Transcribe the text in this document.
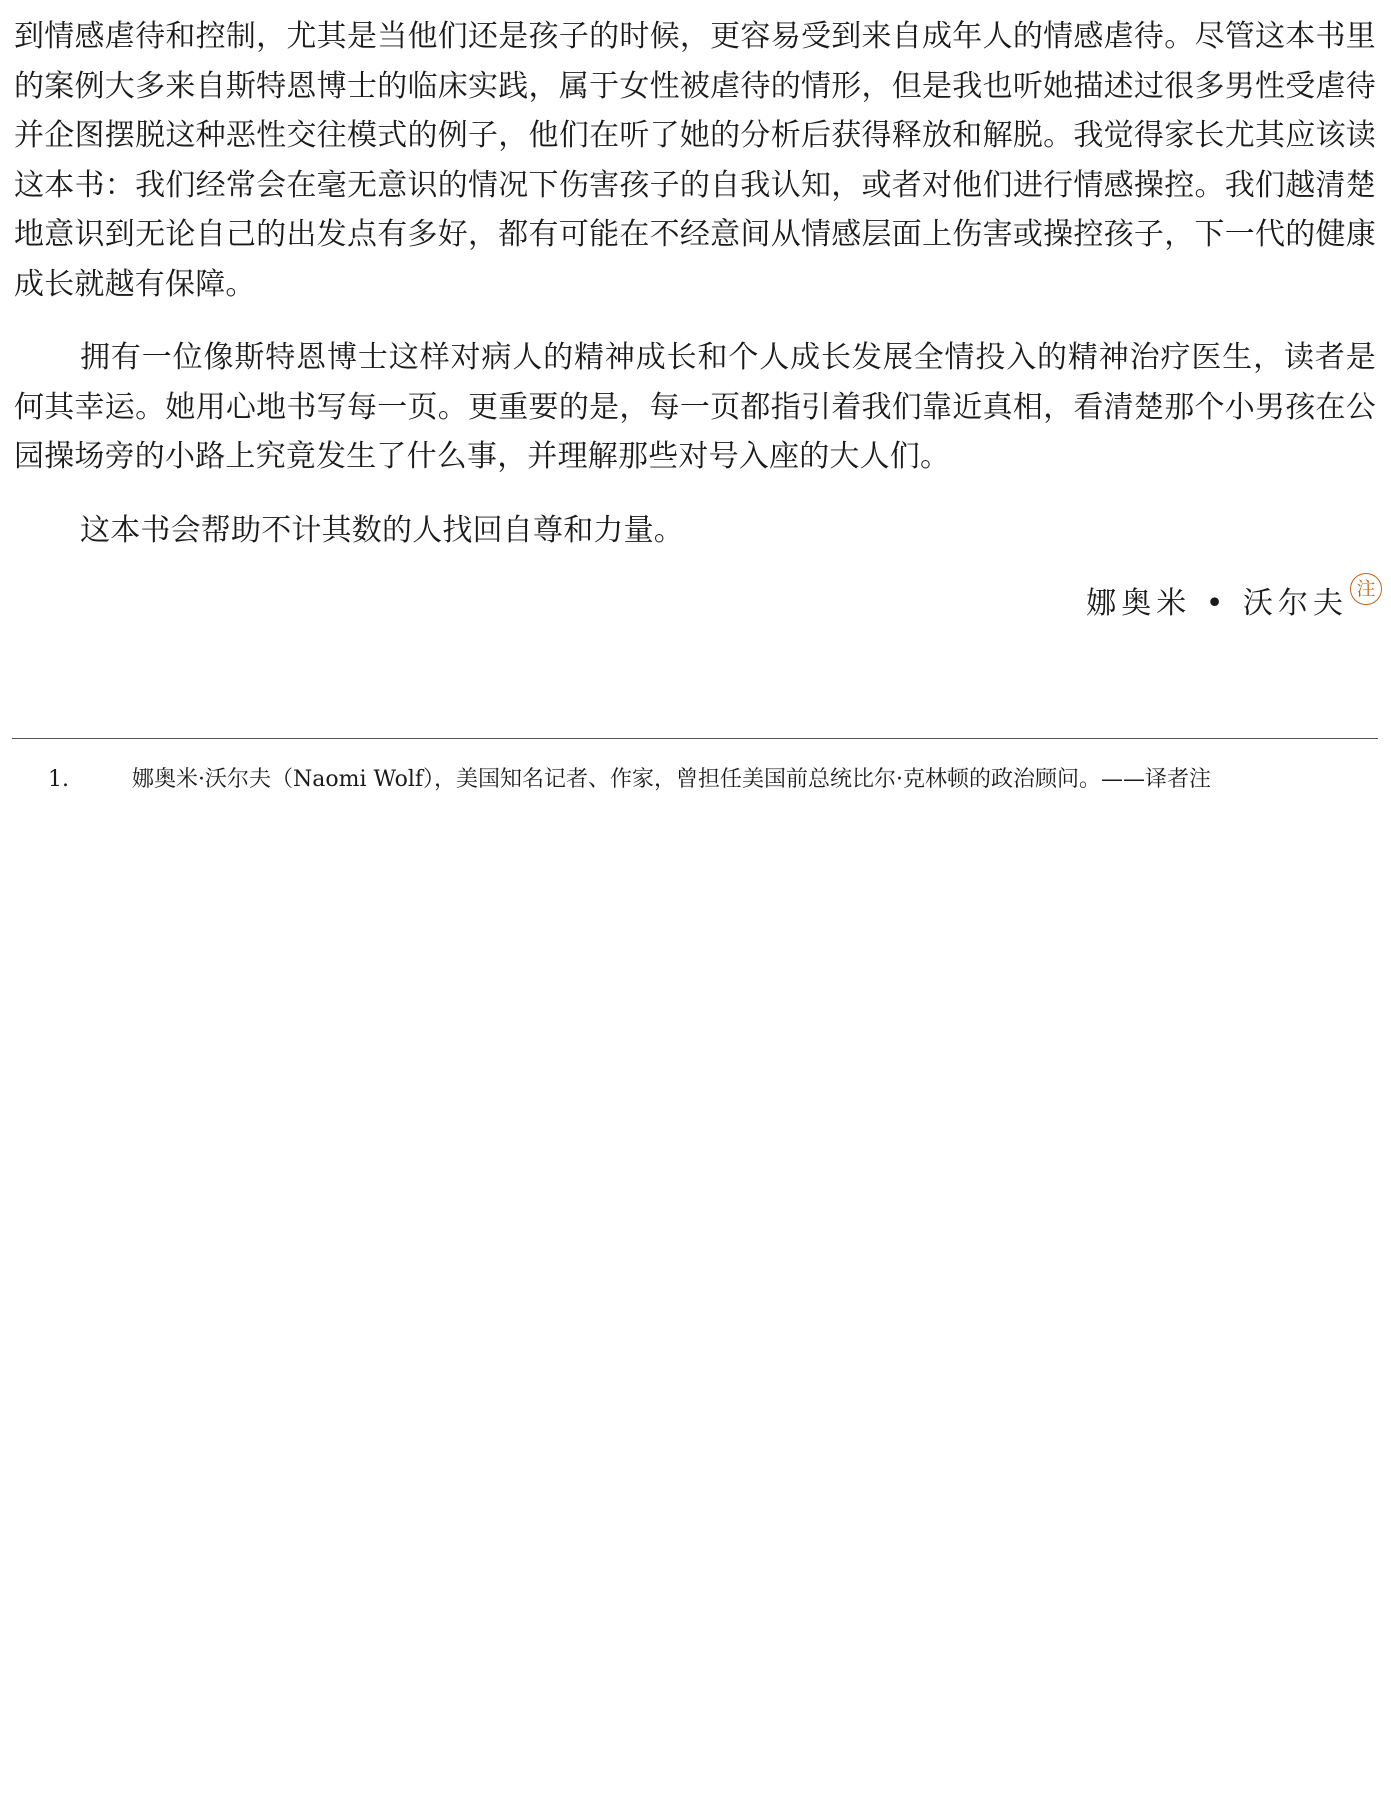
到情感虐待和控制，尤其是当他们还是孩子的时候，更容易受到来自成年人的情感虐待。尽管这本书里的案例大多来自斯特恩博士的临床实践，属于女性被虐待的情形，但是我也听她描述过很多男性受虐待并企图摆脱这种恶性交往模式的例子，他们在听了她的分析后获得释放和解脱。我觉得家长尤其应该读这本书：我们经常会在毫无意识的情况下伤害孩子的自我认知，或者对他们进行情感操控。我们越清楚地意识到无论自己的出发点有多好，都有可能在不经意间从情感层面上伤害或操控孩子，下一代的健康成长就越有保障。

拥有一位像斯特恩博士这样对病人的精神成长和个人成长发展全情投入的精神治疗医生，读者是何其幸运。她用心地书写每一页。更重要的是，每一页都指引着我们靠近真相，看清楚那个小男孩在公园操场旁的小路上究竟发生了什么事，并理解那些对号入座的大人们。

这本书会帮助不计其数的人找回自尊和力量。

娜奥米 • 沃尔夫 注
1.	娜奥米·沃尔夫（Naomi Wolf），美国知名记者、作家，曾担任美国前总统比尔·克林顿的政治顾问。——译者注
